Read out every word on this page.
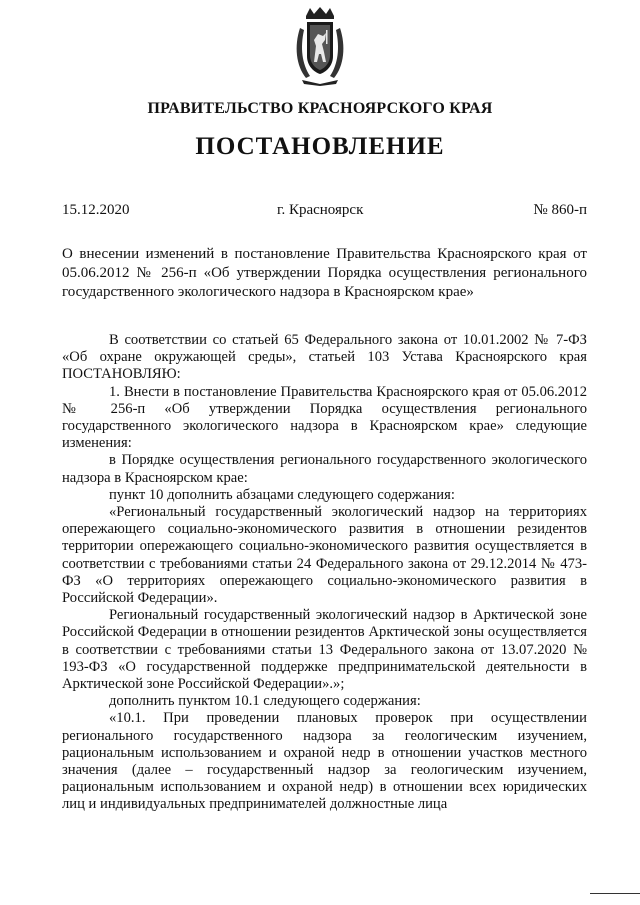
ПРАВИТЕЛЬСТВО КРАСНОЯРСКОГО КРАЯ
ПОСТАНОВЛЕНИЕ
15.12.2020	г. Красноярск	№ 860-п
О внесении изменений в постановление Правительства Красноярского края от 05.06.2012 № 256-п «Об утверждении Порядка осуществления регионального государственного экологического надзора в Красноярском крае»

В соответствии со статьей 65 Федерального закона от 10.01.2002 № 7-ФЗ «Об охране окружающей среды», статьей 103 Устава Красноярского края ПОСТАНОВЛЯЮ:

1. Внести в постановление Правительства Красноярского края от 05.06.2012 № 256-п «Об утверждении Порядка осуществления регионального государственного экологического надзора в Красноярском крае» следующие изменения:

в Порядке осуществления регионального государственного экологического надзора в Красноярском крае:

пункт 10 дополнить абзацами следующего содержания:

«Региональный государственный экологический надзор на территориях опережающего социально-экономического развития в отношении резидентов территории опережающего социально-экономического развития осуществляется в соответствии с требованиями статьи 24 Федерального закона от 29.12.2014 № 473-ФЗ «О территориях опережающего социально-экономического развития в Российской Федерации».

Региональный государственный экологический надзор в Арктической зоне Российской Федерации в отношении резидентов Арктической зоны осуществляется в соответствии с требованиями статьи 13 Федерального закона от 13.07.2020 № 193-ФЗ «О государственной поддержке предпринимательской деятельности в Арктической зоне Российской Федерации».»;

дополнить пунктом 10.1 следующего содержания:

«10.1. При проведении плановых проверок при осуществлении регионального государственного надзора за геологическим изучением, рациональным использованием и охраной недр в отношении участков местного значения (далее – государственный надзор за геологическим изучением, рациональным использованием и охраной недр) в отношении всех юридических лиц и индивидуальных предпринимателей должностные лица
